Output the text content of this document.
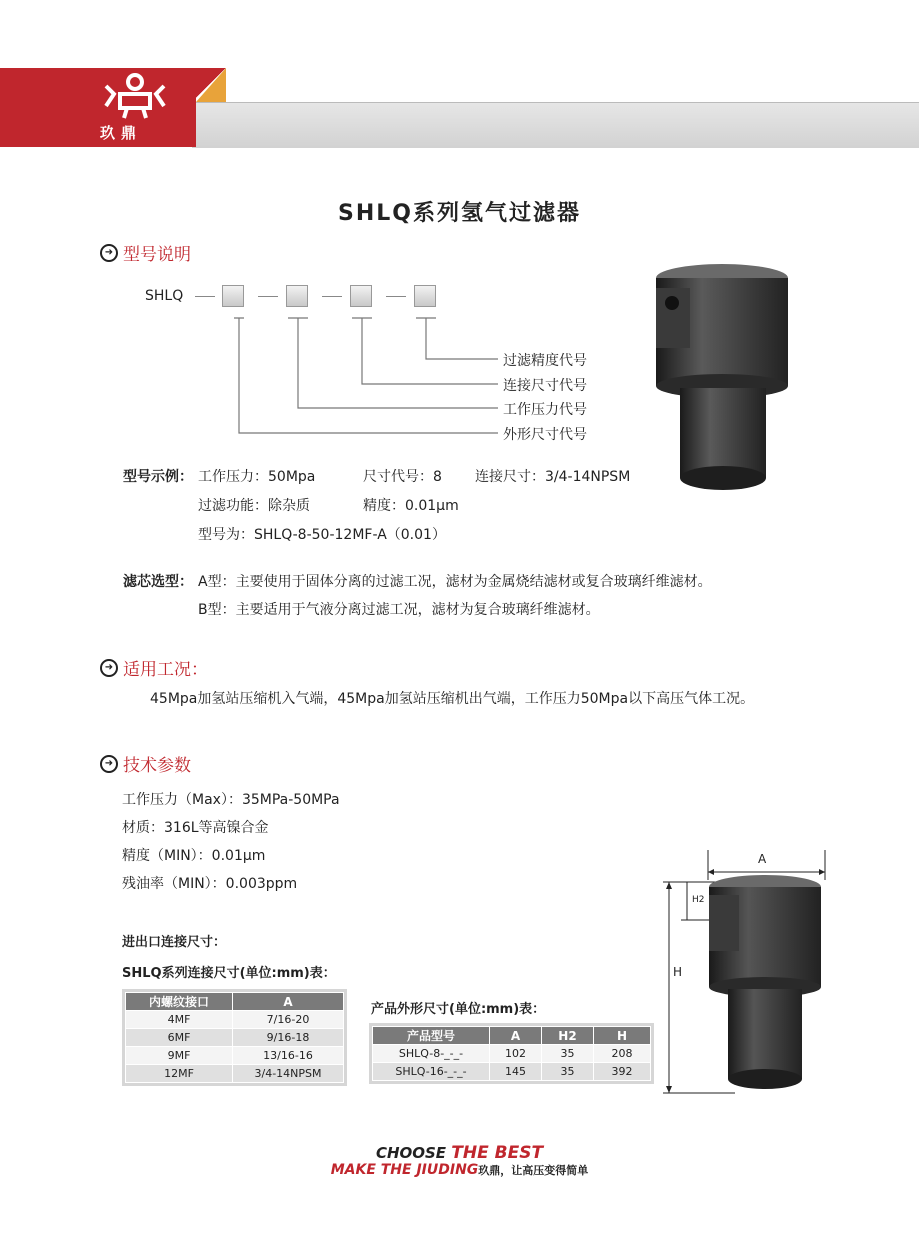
玖鼎
SHLQ系列氢气过滤器
➜ 型号说明
SHLQ
过滤精度代号
连接尺寸代号
工作压力代号
外形尺寸代号
型号示例： 工作压力：50Mpa	尺寸代号：8 连接尺寸：3/4-14NPSM
过滤功能：除杂质	精度：0.01μm
型号为：SHLQ-8-50-12MF-A（0.01）
滤芯选型： A型：主要使用于固体分离的过滤工况，滤材为金属烧结滤材或复合玻璃纤维滤材。
B型：主要适用于气液分离过滤工况，滤材为复合玻璃纤维滤材。
➜ 适用工况：
45Mpa加氢站压缩机入气端，45Mpa加氢站压缩机出气端，工作压力50Mpa以下高压气体工况。
➜ 技术参数
工作压力（Max）：35MPa-50MPa
材质：316L等高镍合金
精度（MIN）：0.01μm
残油率（MIN）：0.003ppm
进出口连接尺寸：
SHLQ系列连接尺寸(单位:mm)表：
内螺纹接口	A
4MF	7/16-20
6MF	9/16-18
9MF	13/16-16
12MF	3/4-14NPSM
产品外形尺寸(单位:mm)表：
产品型号	A	H2	H
SHLQ-8-_-_-	102	35	208
SHLQ-16-_-_-	145	35	392
A
H2
H
CHOOSE THE BEST
MAKE THE JIUDING玖鼎，让高压变得简单
